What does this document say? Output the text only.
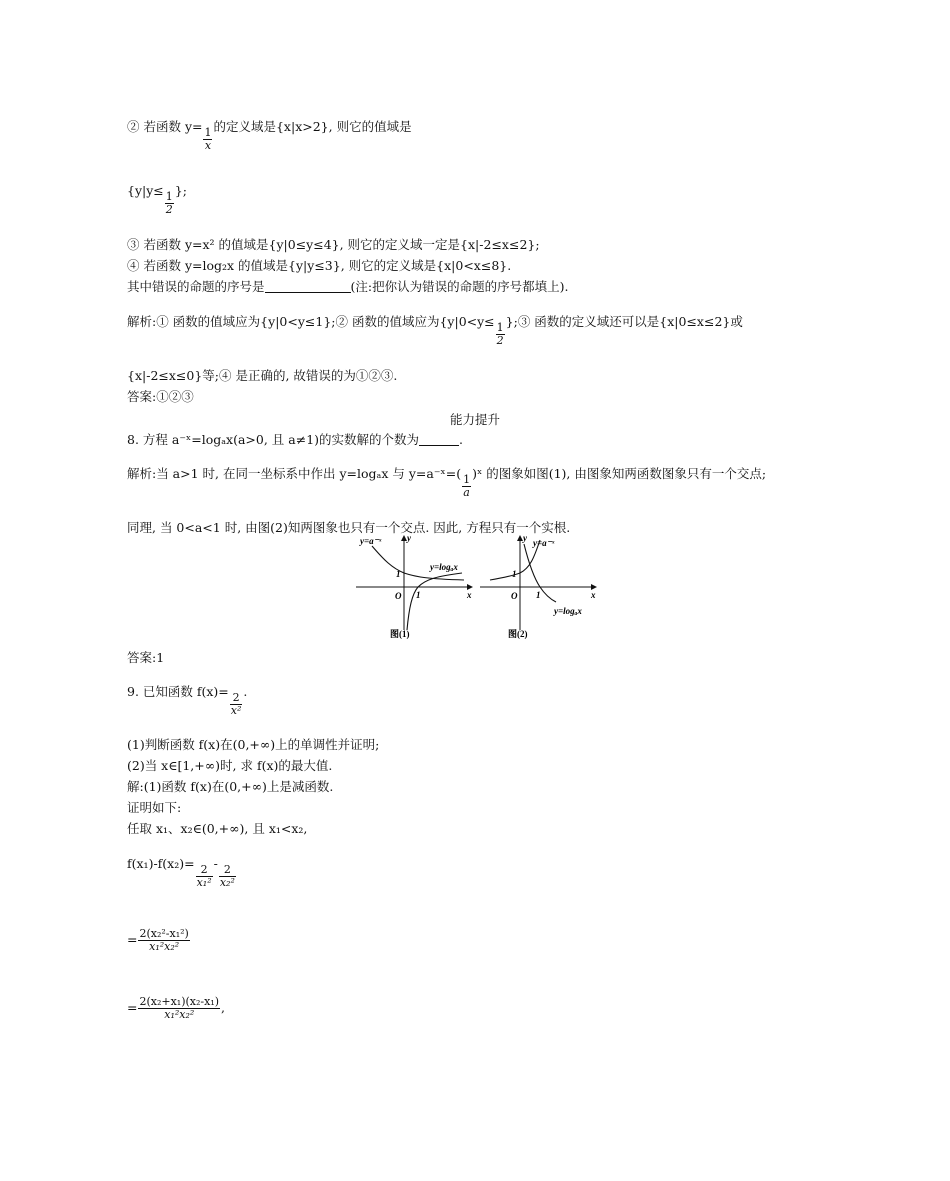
② 若函数 y=
$\frac{1}{x}$
的定义域是{x|x>2}, 则它的值域是
{y|y≤
$\frac{1}{2}$
};
③ 若函数 y=x² 的值域是{y|0≤y≤4}, 则它的定义域一定是{x|-2≤x≤2};
④ 若函数 y=log₂x 的值域是{y|y≤3}, 则它的定义域是{x|0<x≤8}.
其中错误的命题的序号是	(注:把你认为错误的命题的序号都填上).
解析:① 函数的值域应为{y|0<y≤1};② 函数的值域应为{y|0<y≤
$\frac{1}{2}$
};③ 函数的定义域还可以是{x|0≤x≤2}或
{x|-2≤x≤0}等;④ 是正确的, 故错误的为①②③.
答案:①②③
能力提升
8. 方程 a⁻ˣ=logₐx(a>0, 且 a≠1)的实数解的个数为	.
解析:当 a>1 时, 在同一坐标系中作出 y=logₐx 与 y=a⁻ˣ=(
$\frac{1}{a}$
)ˣ 的图象如图(1), 由图象知两函数图象只有一个交点;
同理, 当 0<a<1 时, 由图(2)知两图象也只有一个交点. 因此, 方程只有一个实根.
y=a⁻ˣ
y=logₐx
1
1
O	x
y
图(1)
y=a⁻ˣ
y=logₐx
1
1
O	x
y
图(2)
答案:1
9. 已知函数 f(x)=
$\frac{2}{\text{x²}}$
.
(1)判断函数 f(x)在(0,+∞)上的单调性并证明;
(2)当 x∈[1,+∞)时, 求 f(x)的最大值.
解:(1)函数 f(x)在(0,+∞)上是减函数.
证明如下:
任取 x₁、x₂∈(0,+∞), 且 x₁<x₂,
f(x₁)-f(x₂)=
$\frac{2}{\text{x₁²}}$
-
$\frac{2}{\text{x₂²}}$
= $\frac{\text{2(x₂²-x₁²)}}{\text{x₁²x₂²}}$
= $\frac{\text{2(x₂+x₁)(x₂-x₁)}}{\text{x₁²x₂²}}$ ,
